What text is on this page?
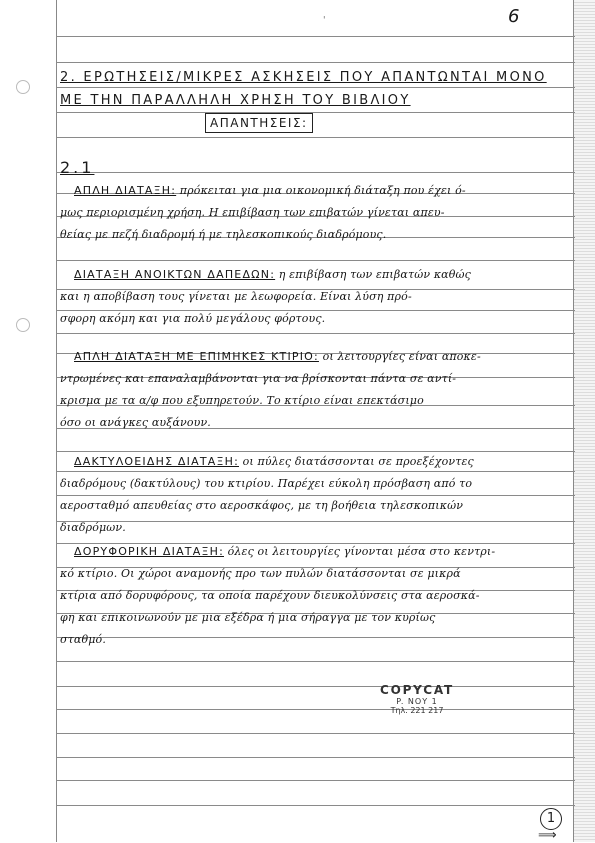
6
'
2. ΕΡΩΤΗΣΕΙΣ/ΜΙΚΡΕΣ ΑΣΚΗΣΕΙΣ ΠΟΥ ΑΠΑΝΤΩΝΤΑΙ ΜΟΝΟ
ΜΕ ΤΗΝ ΠΑΡΑΛΛΗΛΗ ΧΡΗΣΗ ΤΟΥ ΒΙΒΛΙΟΥ
ΑΠΑΝΤΗΣΕΙΣ:
2.1
ΑΠΛΗ ΔΙΑΤΑΞΗ: πρόκειται για μια οικονομική διάταξη που έχει ό-
μως περιορισμένη χρήση. Η επιβίβαση των επιβατών γίνεται απευ-
θείας με πεζή διαδρομή ή με τηλεσκοπικούς διαδρόμους.
ΔΙΑΤΑΞΗ ΑΝΟΙΚΤΩΝ ΔΑΠΕΔΩΝ: η επιβίβαση των επιβατών καθώς
και η αποβίβαση τους γίνεται με λεωφορεία. Είναι λύση πρό-
σφορη ακόμη και για πολύ μεγάλους φόρτους.
ΑΠΛΗ ΔΙΑΤΑΞΗ ΜΕ ΕΠΙΜΗΚΕΣ ΚΤΙΡΙΟ: οι λειτουργίες είναι αποκε-
ντρωμένες και επαναλαμβάνονται για να βρίσκονται πάντα σε αντί-
κρισμα με τα α/φ που εξυπηρετούν. Το κτίριο είναι επεκτάσιμο
όσο οι ανάγκες αυξάνουν.
ΔΑΚΤΥΛΟΕΙΔΗΣ ΔΙΑΤΑΞΗ: οι πύλες διατάσσονται σε προεξέχοντες
διαδρόμους (δακτύλους) του κτιρίου. Παρέχει εύκολη πρόσβαση από το
αεροσταθμό απευθείας στο αεροσκάφος, με τη βοήθεια τηλεσκοπικών
διαδρόμων.
ΔΟΡΥΦΟΡΙΚΗ ΔΙΑΤΑΞΗ: όλες οι λειτουργίες γίνονται μέσα στο κεντρι-
κό κτίριο. Οι χώροι αναμονής προ των πυλών διατάσσονται σε μικρά
κτίρια από δορυφόρους, τα οποία παρέχουν διευκολύνσεις στα αεροσκά-
φη και επικοινωνούν με μια εξέδρα ή μια σήραγγα με τον κυρίως
σταθμό.
COPYCAT
P. ΝΟΥ 1
Τηλ. 221 217
1
⟹
